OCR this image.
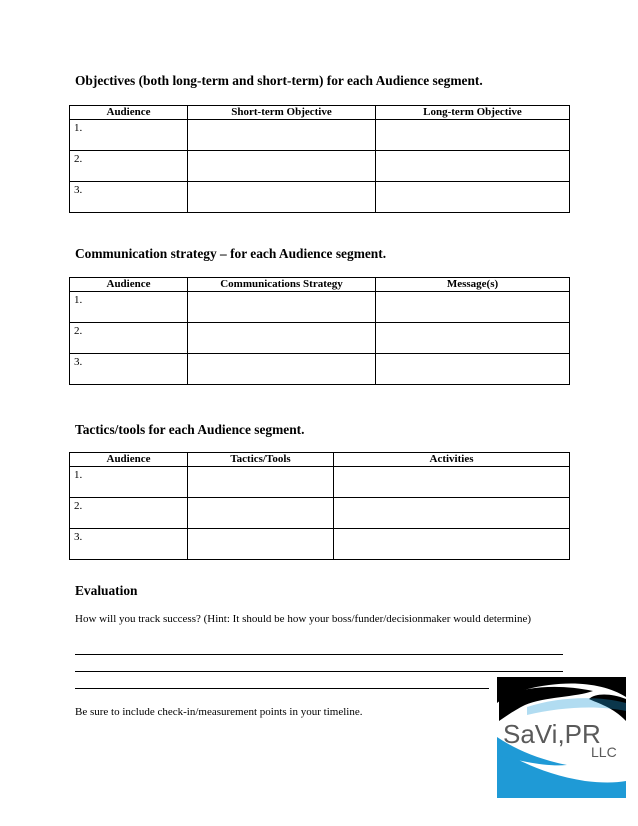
Objectives (both long-term and short-term) for each Audience segment.
Audience	Short-term Objective	Long-term Objective
1.		
2.		
3.		
Communication strategy – for each Audience segment.
Audience	Communications Strategy	Message(s)
1.		
2.		
3.		
Tactics/tools for each Audience segment.
Audience	Tactics/Tools	Activities
1.		
2.		
3.		
Evaluation
How will you track success? (Hint: It should be how your boss/funder/decisionmaker would determine)
Be sure to include check-in/measurement points in your timeline.
SaVi,PR
LLC
